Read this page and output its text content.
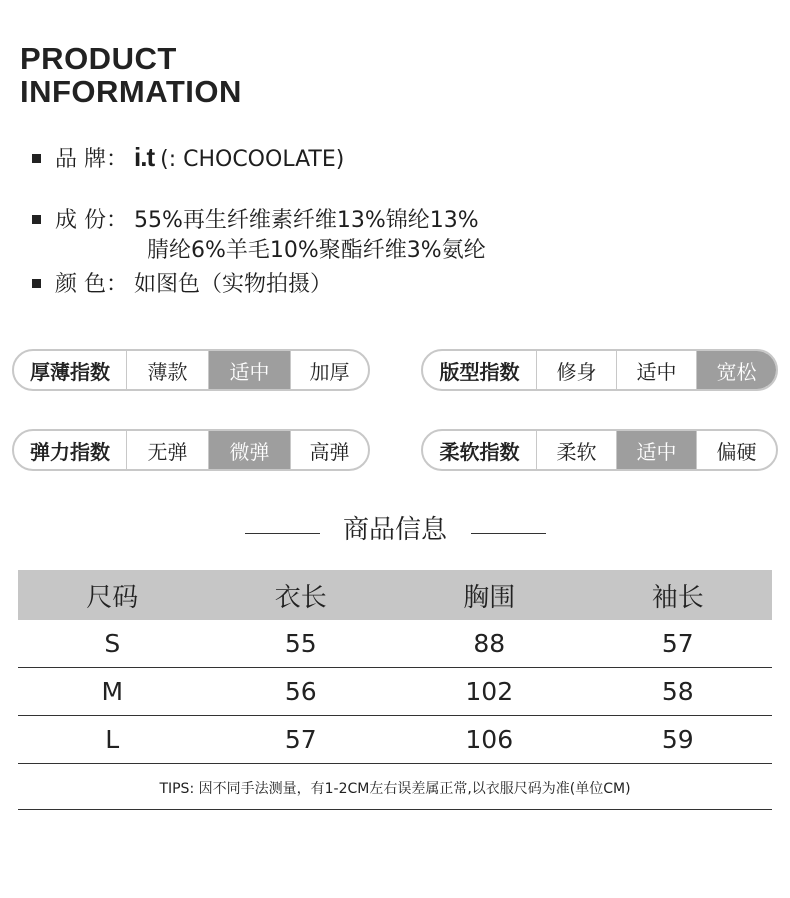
PRODUCT
INFORMATION
品 牌： i.t (: CHOCOOLATE)
成 份： 55%再生纤维素纤维13%锦纶13%
腈纶6%羊毛10%聚酯纤维3%氨纶
颜 色： 如图色（实物拍摄）
厚薄指数	薄款	适中	加厚	版型指数	修身	适中	宽松
弹力指数	无弹	微弹	高弹	柔软指数	柔软	适中	偏硬
商品信息
尺码	衣长	胸围	袖长
S	55	88	57
M	56	102	58
L	57	106	59
TIPS: 因不同手法测量，有1-2CM左右误差属正常,以衣服尺码为准(单位CM)
